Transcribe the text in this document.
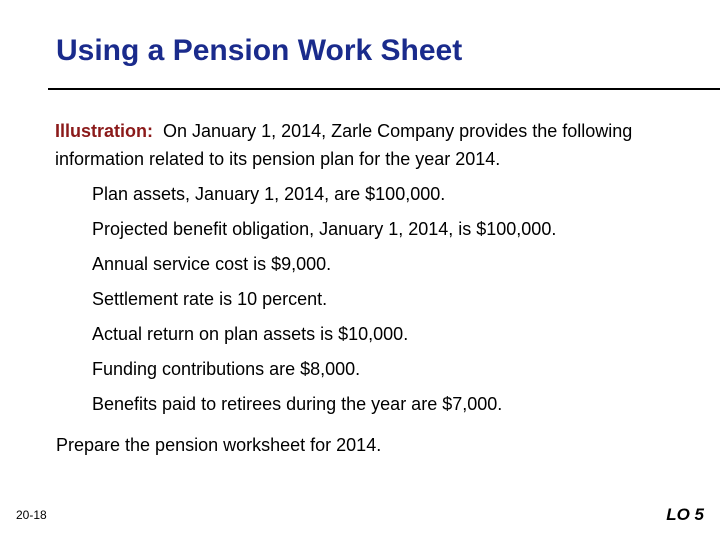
Using a Pension Work Sheet
Illustration: On January 1, 2014, Zarle Company provides the following information related to its pension plan for the year 2014.
Plan assets, January 1, 2014, are $100,000.
Projected benefit obligation, January 1, 2014, is $100,000.
Annual service cost is $9,000.
Settlement rate is 10 percent.
Actual return on plan assets is $10,000.
Funding contributions are $8,000.
Benefits paid to retirees during the year are $7,000.
Prepare the pension worksheet for 2014.
20-18	LO 5
